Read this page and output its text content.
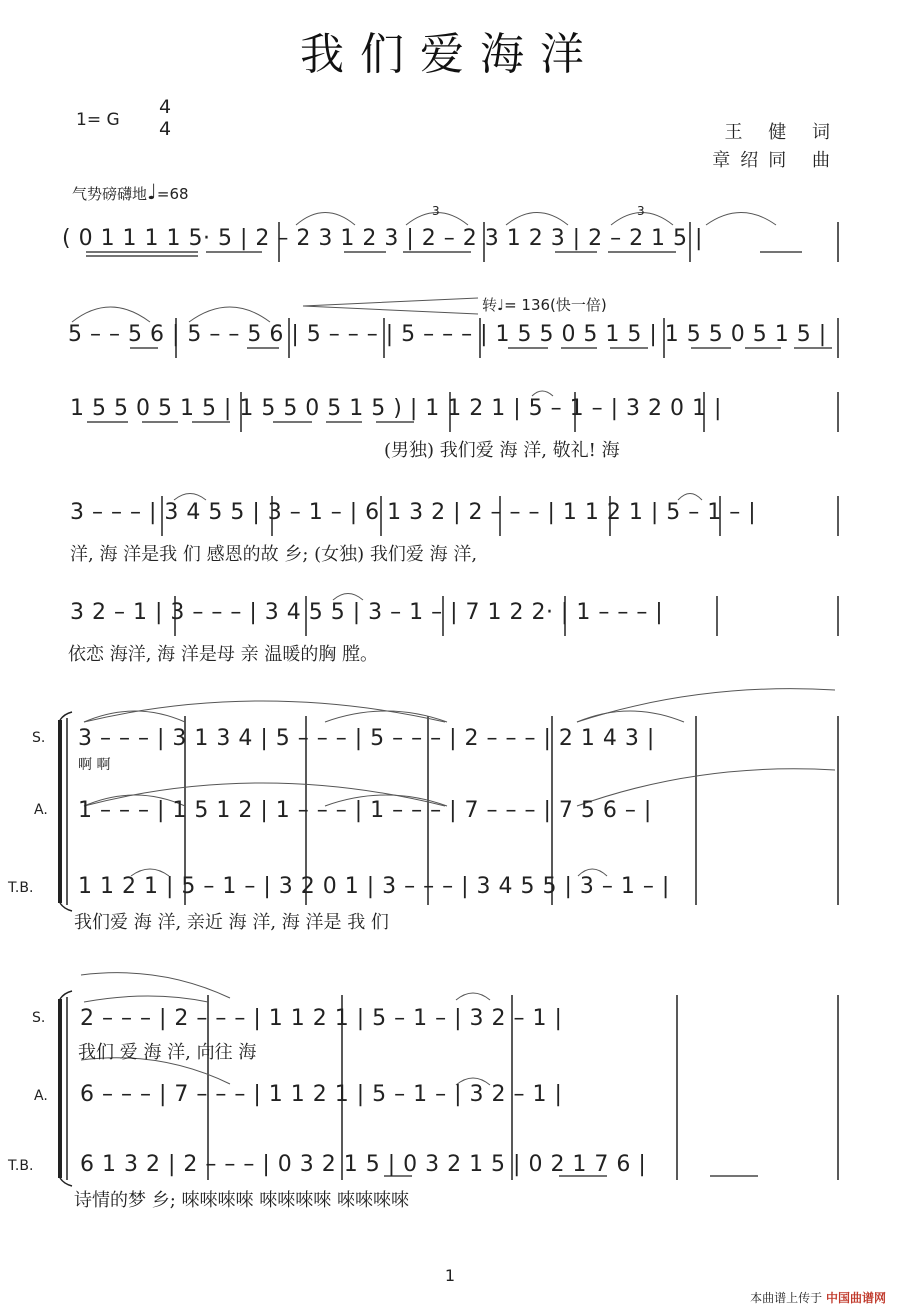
我们爱海洋
1= G
4
4	王 健 词
章绍同 曲
气势磅礴地♩=68
转♩= 136(快一倍)
3	3
( 0 1 1 1 1 5· 5 | 2 – 2 3 1 2 3 | 2 – 2 3 1 2 3 | 2 – 2 1 5 |
5 – – 5 6 | 5 – – 5 6 | 5 – – – | 5 – – – | 1 5 5 0 5 1 5 | 1 5 5 0 5 1 5 |
1 5 5 0 5 1 5 | 1 5 5 0 5 1 5 ) | 1 1 2 1 | 5 – 1 – | 3 2 0 1 |
(男独) 我们爱 海 洋, 敬礼! 海
3 – – – | 3 4 5 5 | 3 – 1 – | 6 1 3 2 | 2 – – – | 1 1 2 1 | 5 – 1 – |
洋, 海 洋是我 们 感恩的故 乡; (女独) 我们爱 海 洋,
3 2 – 1 | 3 – – – | 3 4 5 5 | 3 – 1 – | 7 1 2 2· | 1 – – – |
依恋 海洋, 海 洋是母 亲 温暖的胸 膛。
S. 3 – – – | 3 1 3 4 | 5 – – – | 5 – – – | 2 – – – | 2 1 4 3 |
啊 啊
A. 1 – – – | 1 5 1 2 | 1 – – – | 1 – – – | 7 – – – | 7 5 6 – |
T.B. 1 1 2 1 | 5 – 1 – | 3 2 0 1 | 3 – – – | 3 4 5 5 | 3 – 1 – |
我们爱 海 洋, 亲近 海 洋, 海 洋是 我 们
S. 2 – – – | 2 – – – | 1 1 2 1 | 5 – 1 – | 3 2 – 1 |
我们 爱 海 洋, 向往 海
A. 6 – – – | 7 – – – | 1 1 2 1 | 5 – 1 – | 3 2 – 1 |
T.B. 6 1 3 2 | 2 – – – | 0 3 2 1 5 | 0 3 2 1 5 | 0 2 1 7 6 |
诗情的梦 乡; 唻唻唻唻 唻唻唻唻 唻唻唻唻
1
本曲谱上传于 中国曲谱网
